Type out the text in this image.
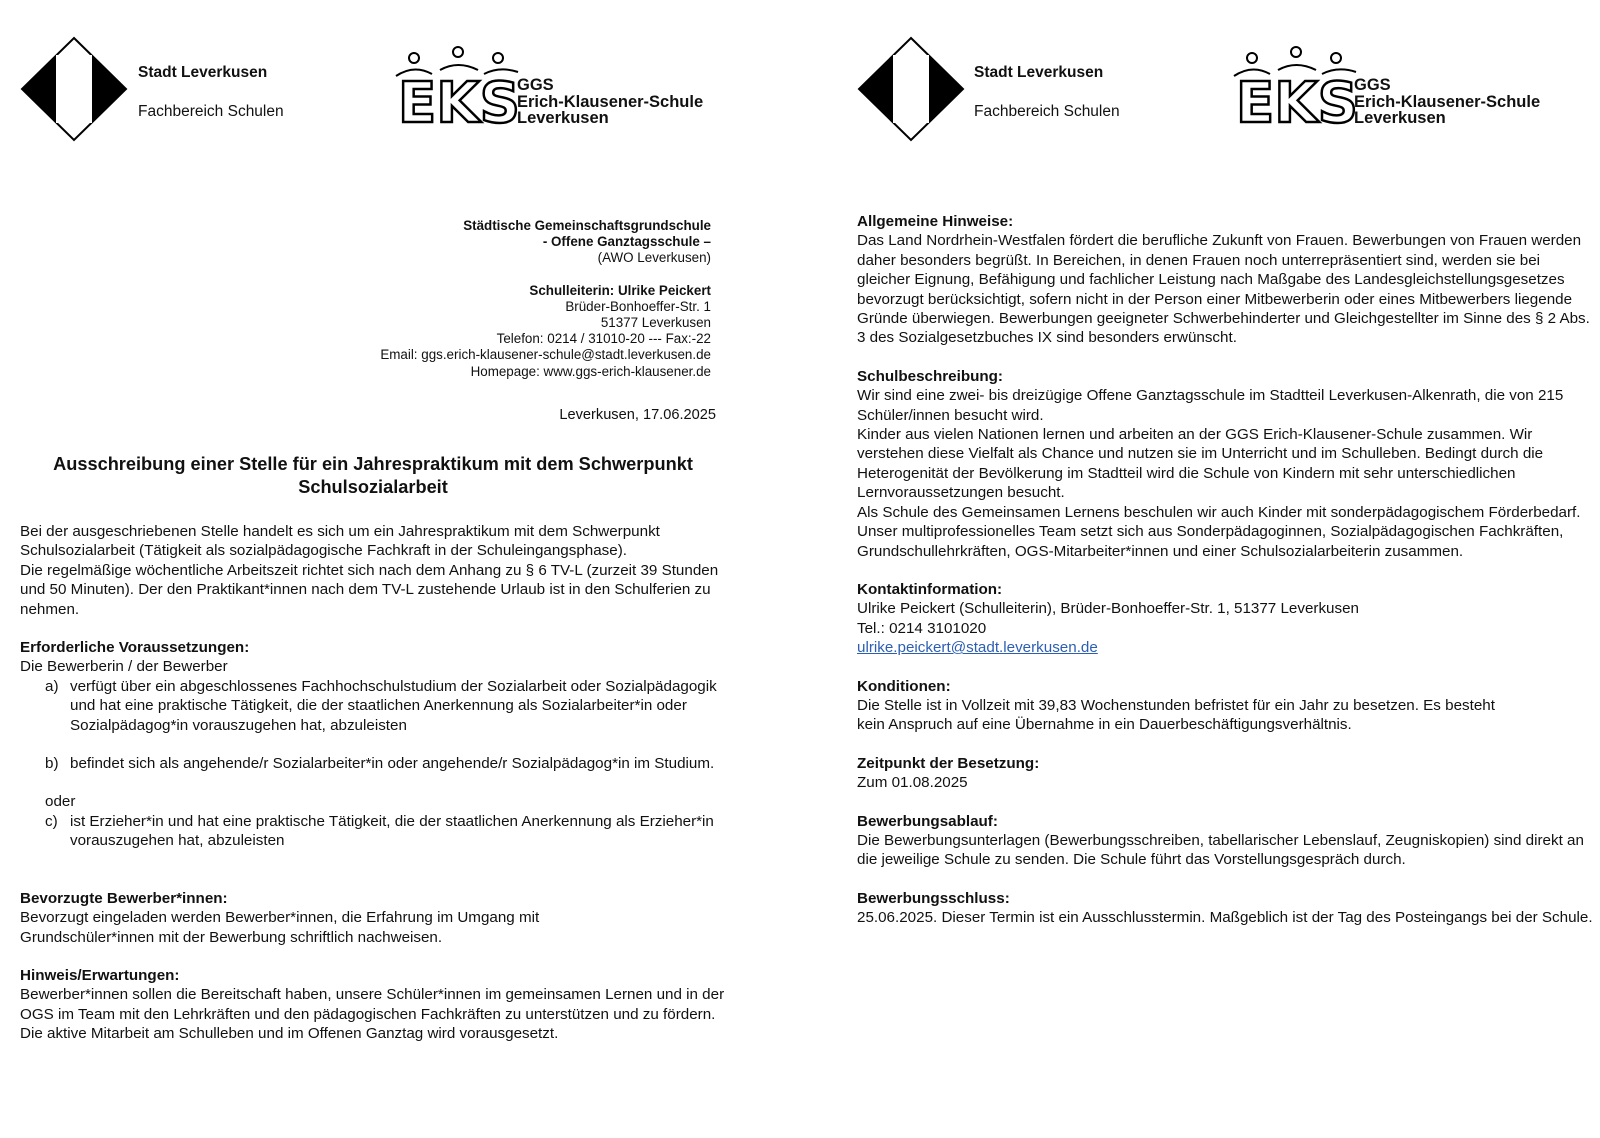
Stadt Leverkusen
Fachbereich Schulen EKS
GGS
Erich-Klausener-Schule
Leverkusen
Städtische Gemeinschaftsgrundschule
- Offene Ganztagsschule –
(AWO Leverkusen)
Schulleiterin: Ulrike Peickert
Brüder-Bonhoeffer-Str. 1
51377 Leverkusen
Telefon: 0214 / 31010-20 --- Fax:-22
Email: ggs.erich-klausener-schule@stadt.leverkusen.de
Homepage: www.ggs-erich-klausener.de
Leverkusen, 17.06.2025
Ausschreibung einer Stelle für ein Jahrespraktikum mit dem Schwerpunkt Schulsozialarbeit

Bei der ausgeschriebenen Stelle handelt es sich um ein Jahrespraktikum mit dem Schwerpunkt Schulsozialarbeit (Tätigkeit als sozialpädagogische Fachkraft in der Schuleingangsphase).

Die regelmäßige wöchentliche Arbeitszeit richtet sich nach dem Anhang zu § 6 TV-L (zurzeit 39 Stunden und 50 Minuten). Der den Praktikant*innen nach dem TV-L zustehende Urlaub ist in den Schulferien zu nehmen.

Erforderliche Voraussetzungen:

Die Bewerberin / der Bewerber

a) verfügt über ein abgeschlossenes Fachhochschulstudium der Sozialarbeit oder Sozialpädagogik und hat eine praktische Tätigkeit, die der staatlichen Anerkennung als Sozialarbeiter*in oder Sozialpädagog*in vorauszugehen hat, abzuleisten
b) befindet sich als angehende/r Sozialarbeiter*in oder angehende/r Sozialpädagog*in im Studium.
oder
c) ist Erzieher*in und hat eine praktische Tätigkeit, die der staatlichen Anerkennung als Erzieher*in vorauszugehen hat, abzuleisten

Bevorzugte Bewerber*innen:

Bevorzugt eingeladen werden Bewerber*innen, die Erfahrung im Umgang mit Grundschüler*innen mit der Bewerbung schriftlich nachweisen.

Hinweis/Erwartungen:

Bewerber*innen sollen die Bereitschaft haben, unsere Schüler*innen im gemeinsamen Lernen und in der OGS im Team mit den Lehrkräften und den pädagogischen Fachkräften zu unterstützen und zu fördern. Die aktive Mitarbeit am Schulleben und im Offenen Ganztag wird vorausgesetzt.

Stadt Leverkusen
Fachbereich Schulen EKS
GGS
Erich-Klausener-Schule
Leverkusen

Allgemeine Hinweise:

Das Land Nordrhein-Westfalen fördert die berufliche Zukunft von Frauen. Bewerbungen von Frauen werden daher besonders begrüßt. In Bereichen, in denen Frauen noch unterrepräsentiert sind, werden sie bei gleicher Eignung, Befähigung und fachlicher Leistung nach Maßgabe des Landesgleichstellungsgesetzes bevorzugt berücksichtigt, sofern nicht in der Person einer Mitbewerberin oder eines Mitbewerbers liegende Gründe überwiegen. Bewerbungen geeigneter Schwerbehinderter und Gleichgestellter im Sinne des § 2 Abs. 3 des Sozialgesetzbuches IX sind besonders erwünscht.

Schulbeschreibung:

Wir sind eine zwei- bis dreizügige Offene Ganztagsschule im Stadtteil Leverkusen-Alkenrath, die von 215 Schüler/innen besucht wird.

Kinder aus vielen Nationen lernen und arbeiten an der GGS Erich-Klausener-Schule zusammen. Wir verstehen diese Vielfalt als Chance und nutzen sie im Unterricht und im Schulleben. Bedingt durch die Heterogenität der Bevölkerung im Stadtteil wird die Schule von Kindern mit sehr unterschiedlichen Lernvoraussetzungen besucht.

Als Schule des Gemeinsamen Lernens beschulen wir auch Kinder mit sonderpädagogischem Förderbedarf. Unser multiprofessionelles Team setzt sich aus Sonderpädagoginnen, Sozialpädagogischen Fachkräften, Grundschullehrkräften, OGS-Mitarbeiter*innen und einer Schulsozialarbeiterin zusammen.

Kontaktinformation:

Ulrike Peickert (Schulleiterin), Brüder-Bonhoeffer-Str. 1, 51377 Leverkusen

Tel.: 0214 3101020

ulrike.peickert@stadt.leverkusen.de

Konditionen:

Die Stelle ist in Vollzeit mit 39,83 Wochenstunden befristet für ein Jahr zu besetzen. Es besteht kein Anspruch auf eine Übernahme in ein Dauerbeschäftigungsverhältnis.

Zeitpunkt der Besetzung:

Zum 01.08.2025

Bewerbungsablauf:

Die Bewerbungsunterlagen (Bewerbungsschreiben, tabellarischer Lebenslauf, Zeugniskopien) sind direkt an die jeweilige Schule zu senden. Die Schule führt das Vorstellungsgespräch durch.

Bewerbungsschluss:

25.06.2025. Dieser Termin ist ein Ausschlusstermin. Maßgeblich ist der Tag des Posteingangs bei der Schule.
